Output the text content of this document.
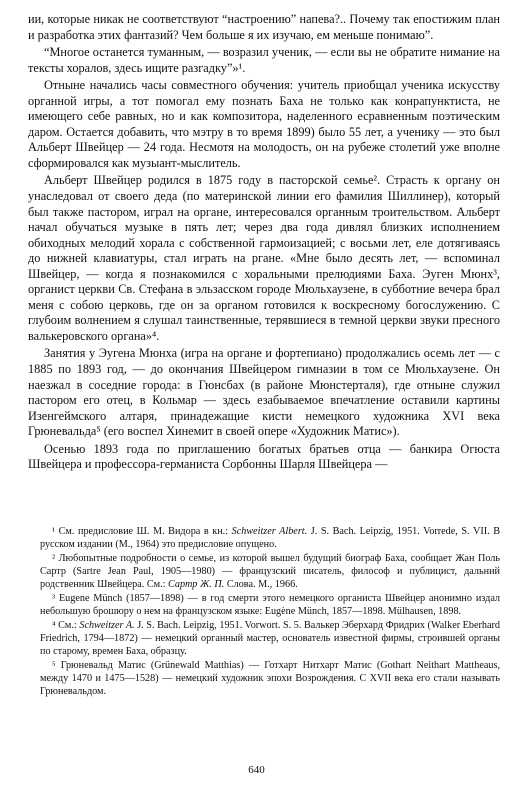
ии, которые никак не соответствуют “настроению” напева?.. Почему так епостижим план и разработка этих фантазий? Чем больше я их изучаю, ем меньше понимаю”.

“Многое останется туманным, — возразил ученик, — если вы не обратите нимание на тексты хоралов, здесь ищите разгадку”»¹.

Отныне начались часы совместного обучения: учитель приобщал ученика искусству органной игры, а тот помогал ему познать Баха не только как конрапунктиста, не имеющего себе равных, но и как композитора, наделенного есравненным поэтическим даром. Остается добавить, что мэтру в то время 1899) было 55 лет, а ученику — это был Альберт Швейцер — 24 года. Несмотя на молодость, он на рубеже столетий уже вполне сформировался как музыант-мыслитель.

Альберт Швейцер родился в 1875 году в пасторской семье². Страсть к органу он унаследовал от своего деда (по материнской линии его фамилия Шиллинер), который был также пастором, играл на органе, интересовался органным троительством. Альберт начал обучаться музыке в пять лет; через два года дивлял близких исполнением обиходных мелодий хорала с собственной гармоизацией; с восьми лет, еле дотягиваясь до нижней клавиатуры, стал играть на ргане. «Мне было десять лет, — вспоминал Швейцер, — когда я познакомился с хоральными прелюдиями Баха. Эуген Мюнх³, органист церкви Св. Стефана в эльзасском городе Мюльхаузене, в субботние вечера брал меня с собою церковь, где он за органом готовился к воскресному богослужению. С глубоим волнением я слушал таинственные, терявшиеся в темной церкви звуки пресного валькеровского органа»⁴.

Занятия у Эугена Мюнха (игра на органе и фортепиано) продолжались осемь лет — с 1885 по 1893 год, — до окончания Швейцером гимназии в том се Мюльхаузене. Он наезжал в соседние города: в Гюнсбах (в районе Мюнстерталя), где отныне служил пастором его отец, в Кольмар — здесь езабываемое впечатление оставили картины Изенгеймского алтаря, принадежащие кисти немецкого художника XVI века Грюневальда⁵ (его воспел Хинемит в своей опере «Художник Матис»).

Осенью 1893 года по приглашению богатых братьев отца — банкира Огюста Швейцера и профессора-германиста Сорбонны Шарля Швейцера —

¹ См. предисловие Ш. М. Видора в кн.: Schweitzer Albert. J. S. Bach. Leipzig, 1951. Vorrede, S. VII. В русском издании (М., 1964) это предисловие опущено.

² Любопытные подробности о семье, из которой вышел будущий биограф Баха, сообщает Жан Поль Сартр (Sartre Jean Paul, 1905—1980) — французский писатель, философ и публицист, дальний родственник Швейцера. См.: Сартр Ж. П. Слова. М., 1966.

³ Eugene Münch (1857—1898) — в год смерти этого немецкого органиста Швейцер анонимно издал небольшую брошюру о нем на французском языке: Eugène Münch, 1857—1898. Mülhausen, 1898.

⁴ См.: Schweitzer A. J. S. Bach. Leipzig, 1951. Vorwort. S. 5. Валькер Эберхард Фридрих (Walker Eberhard Friedrich, 1794—1872) — немецкий органный мастер, основатель известной фирмы, строившей органы по старому, времен Баха, образцу.

⁵ Грюневальд Матис (Grünewald Matthias) — Готхарт Нитхарт Матис (Gothart Neithart Mattheaus, между 1470 и 1475—1528) — немецкий художник эпохи Возрождения. С XVII века его стали называть Грюневальдом.

640
